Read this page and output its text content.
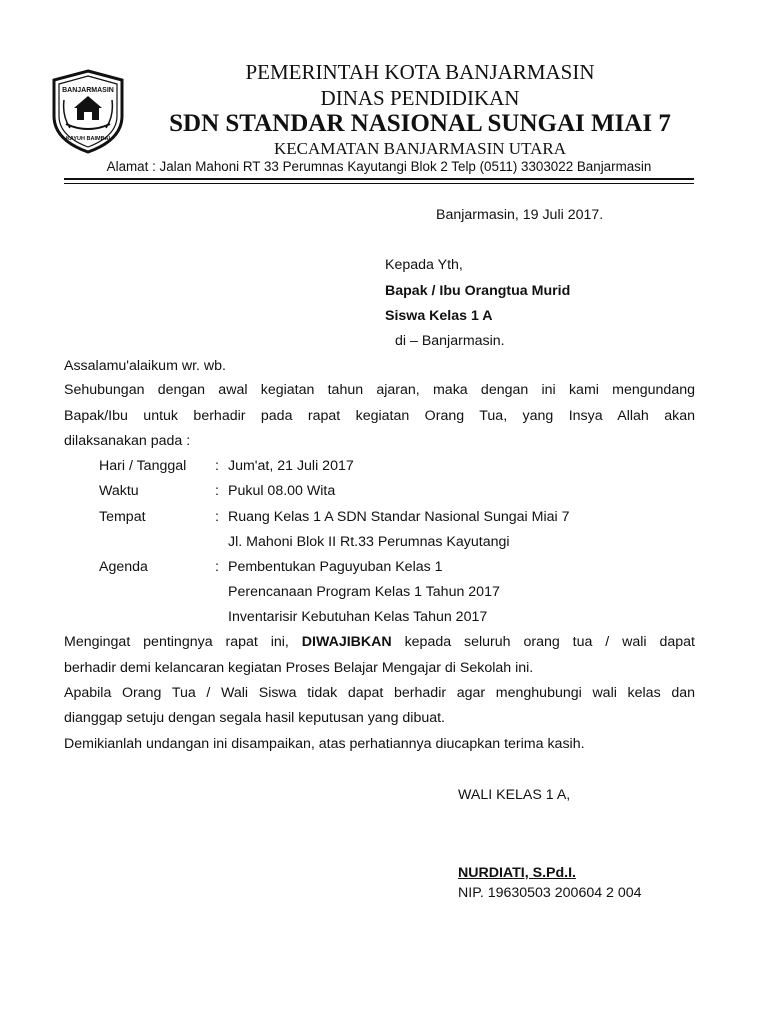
BANJARMASIN
KAYUH BAIMBAI
PEMERINTAH KOTA BANJARMASIN
DINAS PENDIDIKAN
SDN STANDAR NASIONAL SUNGAI MIAI 7
KECAMATAN BANJARMASIN UTARA
Alamat : Jalan Mahoni RT 33 Perumnas Kayutangi Blok 2 Telp (0511) 3303022 Banjarmasin
Banjarmasin, 19 Juli 2017.
Kepada Yth,
Bapak / Ibu Orangtua Murid
Siswa Kelas 1 A
di – Banjarmasin.
Assalamu'alaikum wr. wb.
Sehubungan dengan awal kegiatan tahun ajaran, maka dengan ini kami mengundang
Bapak/Ibu untuk berhadir pada rapat kegiatan Orang Tua, yang Insya Allah akan
dilaksanakan pada :
Hari / Tanggal : Jum'at, 21 Juli 2017
Waktu	: Pukul 08.00 Wita
Tempat	: Ruang Kelas 1 A SDN Standar Nasional Sungai Miai 7
Jl. Mahoni Blok II Rt.33 Perumnas Kayutangi
Agenda	: Pembentukan Paguyuban Kelas 1
Perencanaan Program Kelas 1 Tahun 2017
Inventarisir Kebutuhan Kelas Tahun 2017
Mengingat pentingnya rapat ini, DIWAJIBKAN kepada seluruh orang tua / wali dapat
berhadir demi kelancaran kegiatan Proses Belajar Mengajar di Sekolah ini.
Apabila Orang Tua / Wali Siswa tidak dapat berhadir agar menghubungi wali kelas dan
dianggap setuju dengan segala hasil keputusan yang dibuat.
Demikianlah undangan ini disampaikan, atas perhatiannya diucapkan terima kasih.
WALI KELAS 1 A,
NURDIATI, S.Pd.I.
NIP. 19630503 200604 2 004
